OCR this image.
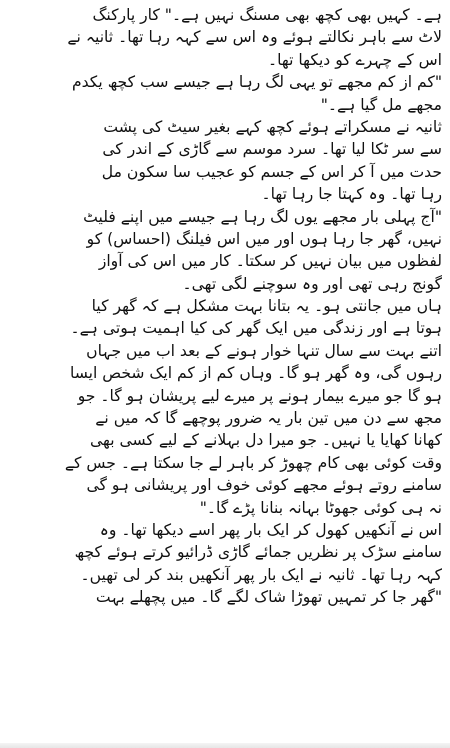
ہے۔ کہیں بھی کچھ بھی مسنگ نہیں ہے۔" کار پارکنگ
لاٹ سے باہر نکالتے ہوئے وہ اس سے کہہ رہا تھا۔ ثانیہ نے
اس کے چہرے کو دیکھا تھا۔
"کم از کم مجھے تو یہی لگ رہا ہے جیسے سب کچھ یکدم
مجھے مل گیا ہے۔"
ثانیہ نے مسکراتے ہوئے کچھ کہے بغیر سیٹ کی پشت
سے سر ٹکا لیا تھا۔ سرد موسم سے گاڑی کے اندر کی
حدت میں آ کر اس کے جسم کو عجیب سا سکون مل
رہا تھا۔ وہ کہتا جا رہا تھا۔
"آج پہلی بار مجھے یوں لگ رہا ہے جیسے میں اپنے فلیٹ
نہیں، گھر جا رہا ہوں اور میں اس فیلنگ (احساس) کو
لفظوں میں بیان نہیں کر سکتا۔ کار میں اس کی آواز
گونج رہی تھی اور وہ سوچنے لگی تھی۔
ہاں میں جانتی ہو۔ یہ بتانا بہت مشکل ہے کہ گھر کیا
ہوتا ہے اور زندگی میں ایک گھر کی کیا اہمیت ہوتی ہے۔
اتنے بہت سے سال تنہا خوار ہونے کے بعد اب میں جہاں
رہوں گی، وہ گھر ہو گا۔ وہاں کم از کم ایک شخص ایسا
ہو گا جو میرے بیمار ہونے پر میرے لیے پریشان ہو گا۔ جو
مجھ سے دن میں تین بار یہ ضرور پوچھے گا کہ میں نے
کھانا کھایا یا نہیں۔ جو میرا دل بہلانے کے لیے کسی بھی
وقت کوئی بھی کام چھوڑ کر باہر لے جا سکتا ہے۔ جس کے
سامنے روتے ہوئے مجھے کوئی خوف اور پریشانی ہو گی
نہ ہی کوئی جھوٹا بہانہ بنانا پڑے گا۔"
اس نے آنکھیں کھول کر ایک بار پھر اسے دیکھا تھا۔ وہ
سامنے سڑک پر نظریں جمائے گاڑی ڈرائیو کرتے ہوئے کچھ
کہہ رہا تھا۔ ثانیہ نے ایک بار پھر آنکھیں بند کر لی تھیں۔
"گھر جا کر تمہیں تھوڑا شاک لگے گا۔ میں پچھلے بہت
